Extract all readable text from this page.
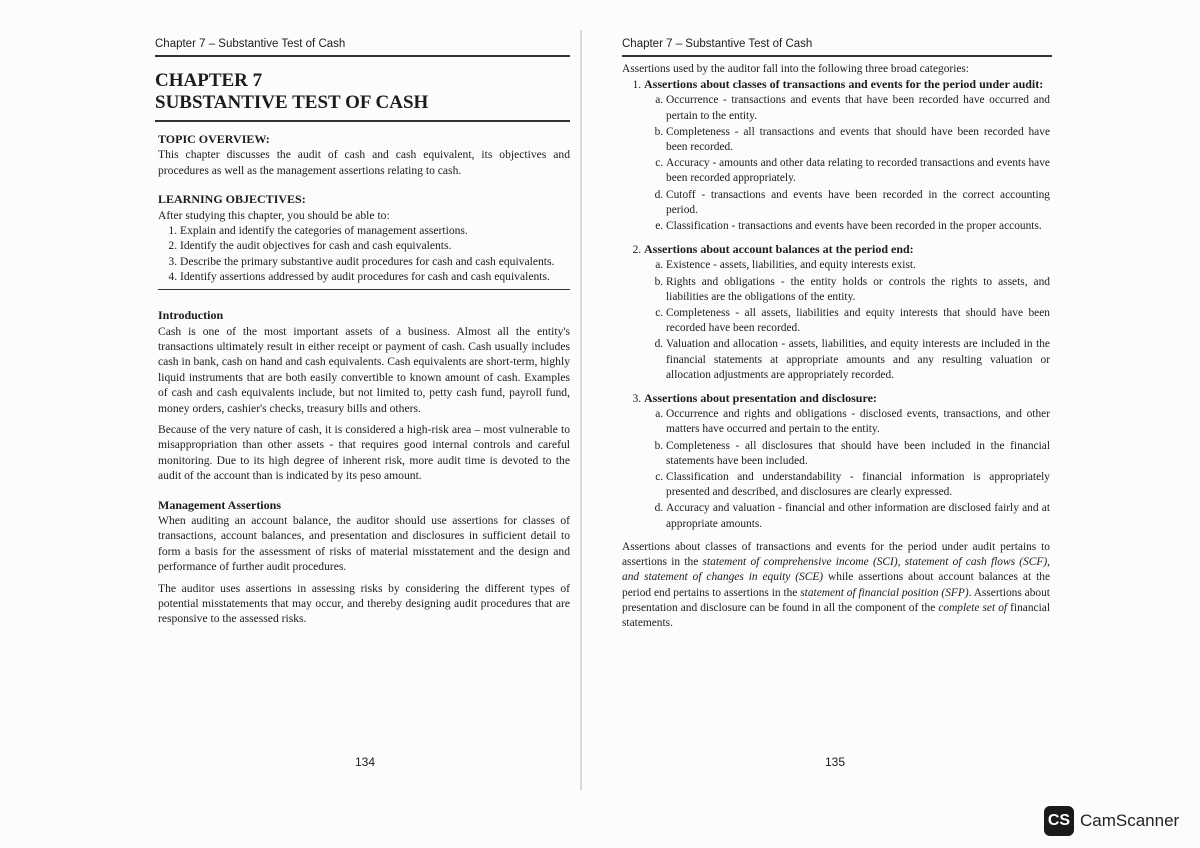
Chapter 7 – Substantive Test of Cash
CHAPTER 7
SUBSTANTIVE TEST OF CASH
TOPIC OVERVIEW:

This chapter discusses the audit of cash and cash equivalent, its objectives and procedures as well as the management assertions relating to cash.

LEARNING OBJECTIVES:
After studying this chapter, you should be able to:
1. Explain and identify the categories of management assertions.
2. Identify the audit objectives for cash and cash equivalents.
3. Describe the primary substantive audit procedures for cash and cash equivalents.
4. Identify assertions addressed by audit procedures for cash and cash equivalents.
Introduction

Cash is one of the most important assets of a business. Almost all the entity's transactions ultimately result in either receipt or payment of cash. Cash usually includes cash in bank, cash on hand and cash equivalents. Cash equivalents are short-term, highly liquid instruments that are both easily convertible to known amount of cash. Examples of cash and cash equivalents include, but not limited to, petty cash fund, payroll fund, money orders, cashier's checks, treasury bills and others.

Because of the very nature of cash, it is considered a high-risk area – most vulnerable to misappropriation than other assets - that requires good internal controls and careful monitoring. Due to its high degree of inherent risk, more audit time is devoted to the audit of the account than is indicated by its peso amount.

Management Assertions

When auditing an account balance, the auditor should use assertions for classes of transactions, account balances, and presentation and disclosures in sufficient detail to form a basis for the assessment of risks of material misstatement and the design and performance of further audit procedures.

The auditor uses assertions in assessing risks by considering the different types of potential misstatements that may occur, and thereby designing audit procedures that are responsive to the assessed risks.

134
Chapter 7 – Substantive Test of Cash
Assertions used by the auditor fall into the following three broad categories:
1. Assertions about classes of transactions and events for the period under audit:
a. Occurrence - transactions and events that have been recorded have occurred and pertain to the entity.
b. Completeness - all transactions and events that should have been recorded have been recorded.
c. Accuracy - amounts and other data relating to recorded transactions and events have been recorded appropriately.
d. Cutoff - transactions and events have been recorded in the correct accounting period.
e. Classification - transactions and events have been recorded in the proper accounts.
2. Assertions about account balances at the period end:
a. Existence - assets, liabilities, and equity interests exist.
b. Rights and obligations - the entity holds or controls the rights to assets, and liabilities are the obligations of the entity.
c. Completeness - all assets, liabilities and equity interests that should have been recorded have been recorded.
d. Valuation and allocation - assets, liabilities, and equity interests are included in the financial statements at appropriate amounts and any resulting valuation or allocation adjustments are appropriately recorded.
3. Assertions about presentation and disclosure:
a. Occurrence and rights and obligations - disclosed events, transactions, and other matters have occurred and pertain to the entity.
b. Completeness - all disclosures that should have been included in the financial statements have been included.
c. Classification and understandability - financial information is appropriately presented and described, and disclosures are clearly expressed.
d. Accuracy and valuation - financial and other information are disclosed fairly and at appropriate amounts.

Assertions about classes of transactions and events for the period under audit pertains to assertions in the statement of comprehensive income (SCI), statement of cash flows (SCF), and statement of changes in equity (SCE) while assertions about account balances at the period end pertains to assertions in the statement of financial position (SFP). Assertions about presentation and disclosure can be found in all the component of the complete set of financial statements.

135
CS CamScanner
